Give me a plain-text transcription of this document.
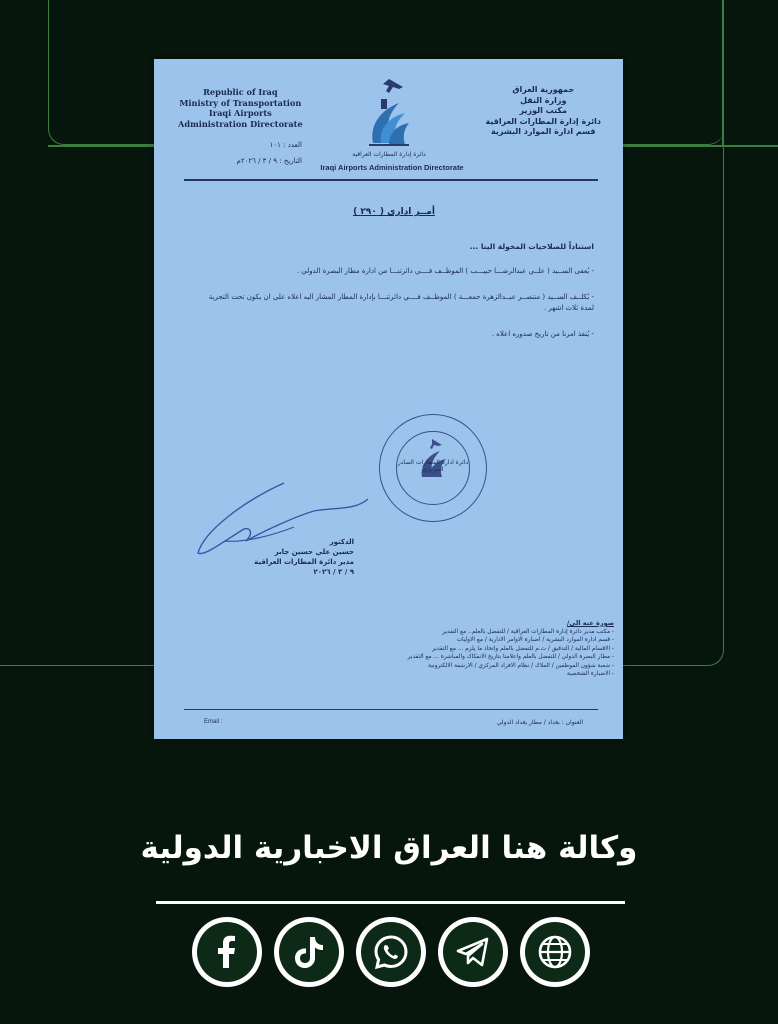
Republic of Iraq
Ministry of Transportation
Iraqi Airports
Administration Directorate
جمهورية العراق
وزارة النقل
مكتب الوزير
دائرة إدارة المطارات العراقية
قسم ادارة الموارد البشرية
دائرة إدارة المطارات العراقية
Iraqi Airports Administration Directorate
العدد : ١٠١
التاريخ : ٩ / ٣ / ٢٠٢٦م
أمــر اداري ( ٢٩٠ )

استناداً للصلاحيات المخولة الينا ...

- يُعفى الســيد ( علــي عبدالرضـــا حبيـــب ) الموظــف فــــي دائرتنـــا من ادارة مطار البصرة الدولي .

- يُكلــف الســيد ( منتصــر عبــدالزهرة جمعـــة ) الموظــف فــــي دائرتنـــا بإدارة المطار المشار اليه اعلاه على ان يكون تحت التجربة لمدة ثلاث اشهر .

- يُنفذ امرنا من تاريخ صدوره اعلاه .

دائرة ادارة المطارات الصادر المركزي
الدكتور
حسين علي حسين جابر
مدير دائرة المطارات العراقية
٩ / ٣ / ٢٠٢٦
صورة عنه الى/
- مكتب مدير دائرة إدارة المطارات العراقية / للتفضل بالعلم.. مع التقدير
- قسم ادارة الموارد البشرية / اضبارة الاوامر الادارية / مع الاوليات
- الاقسام المالية / التدقيق / ت.م للتفضل بالعلم واتخاذ ما يلزم ... مع التقدير
- مطار البصرة الدولي / للتفضل بالعلم واعلامنا بتاريخ الانفكاك والمباشرة ... مع التقدير
- شعبة شؤون الموظفين / الملاك / نظام الافراد المركزي / الارشفة الالكترونية
- الاضبارة الشخصية
العنوان : بغداد / مطار بغداد الدولي
Email :
وكالة هنا العراق الاخبارية الدولية
